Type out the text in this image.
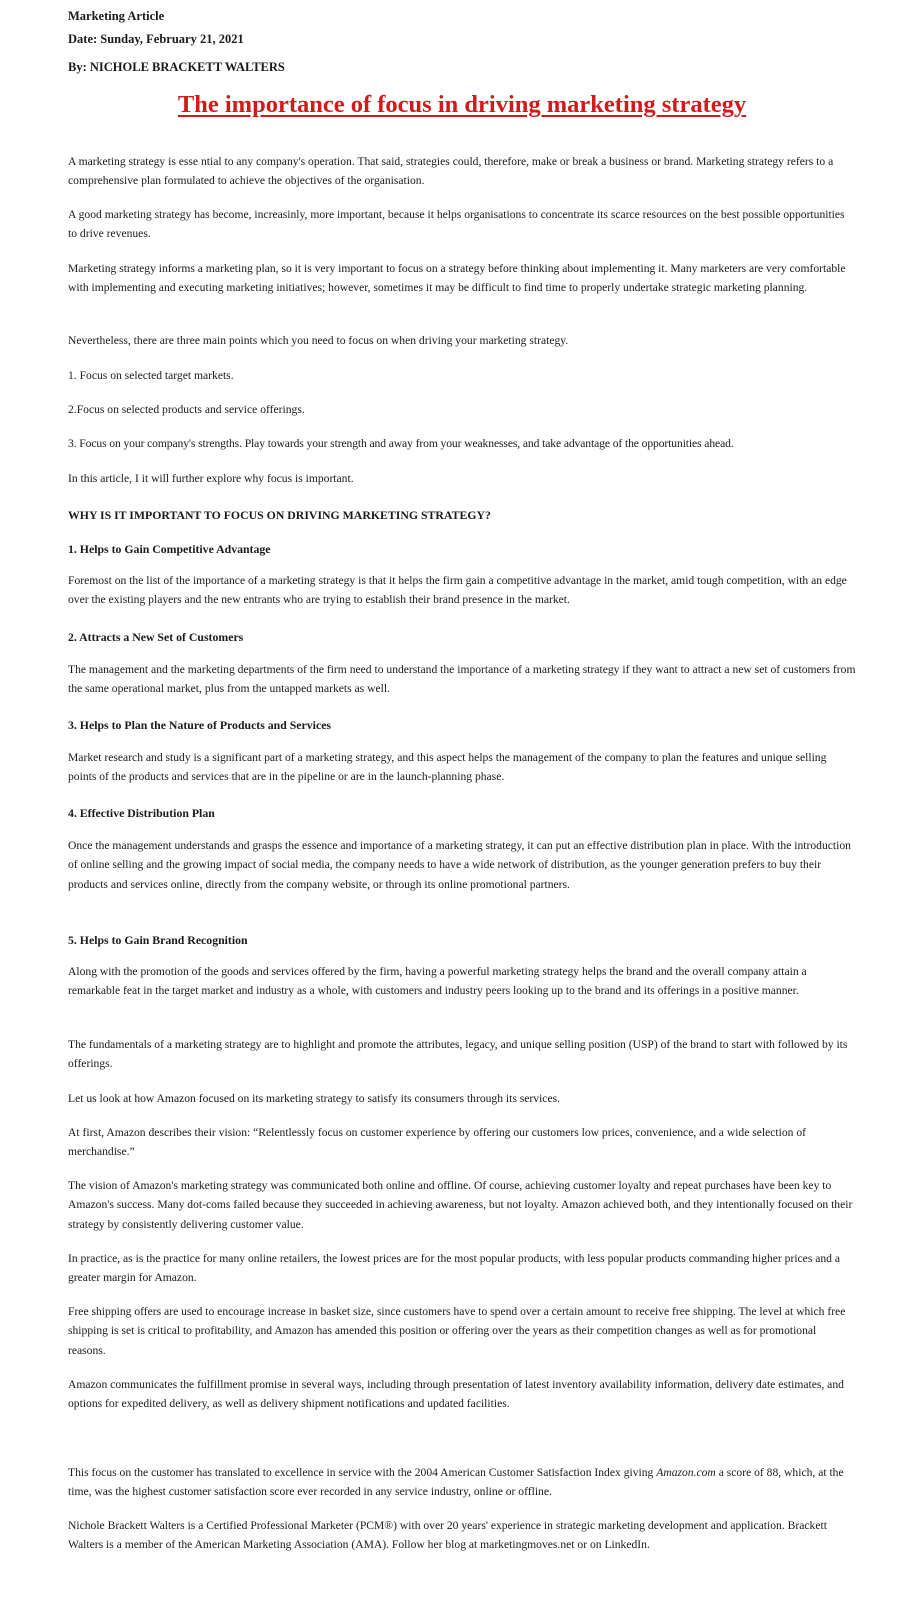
Marketing Article

Date: Sunday, February 21, 2021

By: NICHOLE BRACKETT WALTERS

The importance of focus in driving marketing strategy

A marketing strategy is esse ntial to any company's operation. That said, strategies could, therefore, make or break a business or brand. Marketing strategy refers to a comprehensive plan formulated to achieve the objectives of the organisation.

A good marketing strategy has become, increasinly, more important, because it helps organisations to concentrate its scarce resources on the best possible opportunities to drive revenues.

Marketing strategy informs a marketing plan, so it is very important to focus on a strategy before thinking about implementing it. Many marketers are very comfortable with implementing and executing marketing initiatives; however, sometimes it may be difficult to find time to properly undertake strategic marketing planning.

Nevertheless, there are three main points which you need to focus on when driving your marketing strategy.

1. Focus on selected target markets.

2.Focus on selected products and service offerings.

3. Focus on your company's strengths. Play towards your strength and away from your weaknesses, and take advantage of the opportunities ahead.

In this article, I it will further explore why focus is important.

WHY IS IT IMPORTANT TO FOCUS ON DRIVING MARKETING STRATEGY?
1. Helps to Gain Competitive Advantage

Foremost on the list of the importance of a marketing strategy is that it helps the firm gain a competitive advantage in the market, amid tough competition, with an edge over the existing players and the new entrants who are trying to establish their brand presence in the market.

2. Attracts a New Set of Customers

The management and the marketing departments of the firm need to understand the importance of a marketing strategy if they want to attract a new set of customers from the same operational market, plus from the untapped markets as well.

3. Helps to Plan the Nature of Products and Services

Market research and study is a significant part of a marketing strategy, and this aspect helps the management of the company to plan the features and unique selling points of the products and services that are in the pipeline or are in the launch-planning phase.

4. Effective Distribution Plan

Once the management understands and grasps the essence and importance of a marketing strategy, it can put an effective distribution plan in place. With the introduction of online selling and the growing impact of social media, the company needs to have a wide network of distribution, as the younger generation prefers to buy their products and services online, directly from the company website, or through its online promotional partners.

5. Helps to Gain Brand Recognition

Along with the promotion of the goods and services offered by the firm, having a powerful marketing strategy helps the brand and the overall company attain a remarkable feat in the target market and industry as a whole, with customers and industry peers looking up to the brand and its offerings in a positive manner.

The fundamentals of a marketing strategy are to highlight and promote the attributes, legacy, and unique selling position (USP) of the brand to start with followed by its offerings.

Let us look at how Amazon focused on its marketing strategy to satisfy its consumers through its services.

At first, Amazon describes their vision: “Relentlessly focus on customer experience by offering our customers low prices, convenience, and a wide selection of merchandise.”

The vision of Amazon's marketing strategy was communicated both online and offline. Of course, achieving customer loyalty and repeat purchases have been key to Amazon's success. Many dot-coms failed because they succeeded in achieving awareness, but not loyalty. Amazon achieved both, and they intentionally focused on their strategy by consistently delivering customer value.

In practice, as is the practice for many online retailers, the lowest prices are for the most popular products, with less popular products commanding higher prices and a greater margin for Amazon.

Free shipping offers are used to encourage increase in basket size, since customers have to spend over a certain amount to receive free shipping. The level at which free shipping is set is critical to profitability, and Amazon has amended this position or offering over the years as their competition changes as well as for promotional reasons.

Amazon communicates the fulfillment promise in several ways, including through presentation of latest inventory availability information, delivery date estimates, and options for expedited delivery, as well as delivery shipment notifications and updated facilities.

This focus on the customer has translated to excellence in service with the 2004 American Customer Satisfaction Index giving Amazon.com a score of 88, which, at the time, was the highest customer satisfaction score ever recorded in any service industry, online or offline.

Nichole Brackett Walters is a Certified Professional Marketer (PCM®) with over 20 years' experience in strategic marketing development and application. Brackett Walters is a member of the American Marketing Association (AMA). Follow her blog at marketingmoves.net or on LinkedIn.
